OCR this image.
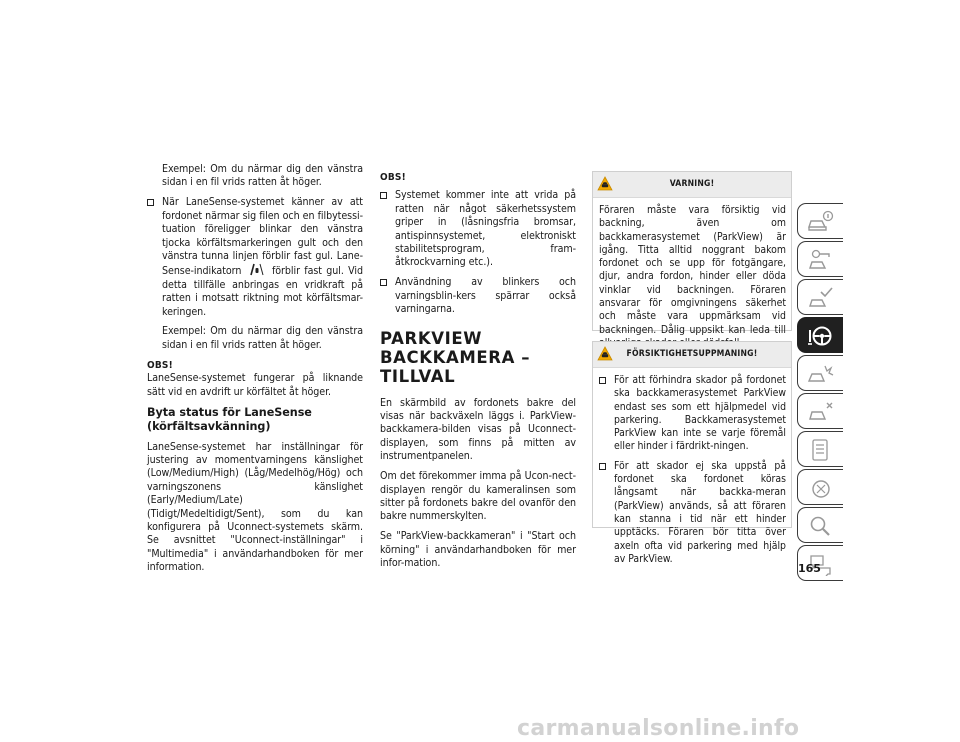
Exempel: Om du närmar dig den vänstra sidan i en fil vrids ratten åt höger.
När LaneSense-systemet känner av att fordonet närmar sig filen och en filbytessi-tuation föreligger blinkar den vänstra tjocka körfältsmarkeringen gult och den vänstra tunna linjen förblir fast gul. Lane-Sense-indikatorn	förblir fast gul. Vid detta tillfälle anbringas en vridkraft på ratten i motsatt riktning mot körfältsmar-keringen.
Exempel: Om du närmar dig den vänstra sidan i en fil vrids ratten åt höger.
OBS!
LaneSense-systemet fungerar på liknande sätt vid en avdrift ur körfältet åt höger.
Byta status för LaneSense (körfältsavkänning)
LaneSense-systemet har inställningar för justering av momentvarningens känslighet (Low/Medium/High) (Låg/Medelhög/Hög) och varningszonens känslighet (Early/Medium/Late) (Tidigt/Medeltidigt/Sent), som du kan konfigurera på Uconnect-systemets skärm. Se avsnittet "Uconnect-inställningar" i "Multimedia" i användarhandboken för mer information.
OBS!
Systemet kommer inte att vrida på ratten när något säkerhetssystem griper in (låsningsfria bromsar, antispinnsystemet, elektroniskt stabilitetsprogram, fram-åtkrockvarning etc.).
Användning av blinkers och varningsblin-kers spärrar också varningarna.
PARKVIEW BACKKAMERA – TILLVAL
En skärmbild av fordonets bakre del visas när backväxeln läggs i. ParkView-backkamera-bilden visas på Uconnect-displayen, som finns på mitten av instrumentpanelen.
Om det förekommer imma på Ucon-nect-displayen rengör du kameralinsen som sitter på fordonets bakre del ovanför den bakre nummerskylten.
Se "ParkView-backkameran" i "Start och körning" i användarhandboken för mer infor-mation.
VARNING!
Föraren måste vara försiktig vid backning, även om backkamerasystemet (ParkView) är igång. Titta alltid noggrant bakom fordonet och se upp för fotgängare, djur, andra fordon, hinder eller döda vinklar vid backningen. Föraren ansvarar för omgivningens säkerhet och måste vara uppmärksam vid backningen. Dålig uppsikt kan leda till
FÖRSIKTIGHETSUPPMANING!
För att förhindra skador på fordonet ska backkamerasystemet ParkView endast ses som ett hjälpmedel vid parkering. Backkamerasystemet ParkView kan inte se varje föremål eller hinder i färdrikt-ningen.
För att skador ej ska uppstå på fordonet ska fordonet köras långsamt när backka-meran (ParkView) används, så att föraren kan stanna i tid när ett hinder upptäcks. Föraren bör titta över axeln ofta vid parkering med hjälp av ParkView.
165
carmanualsonline.info
